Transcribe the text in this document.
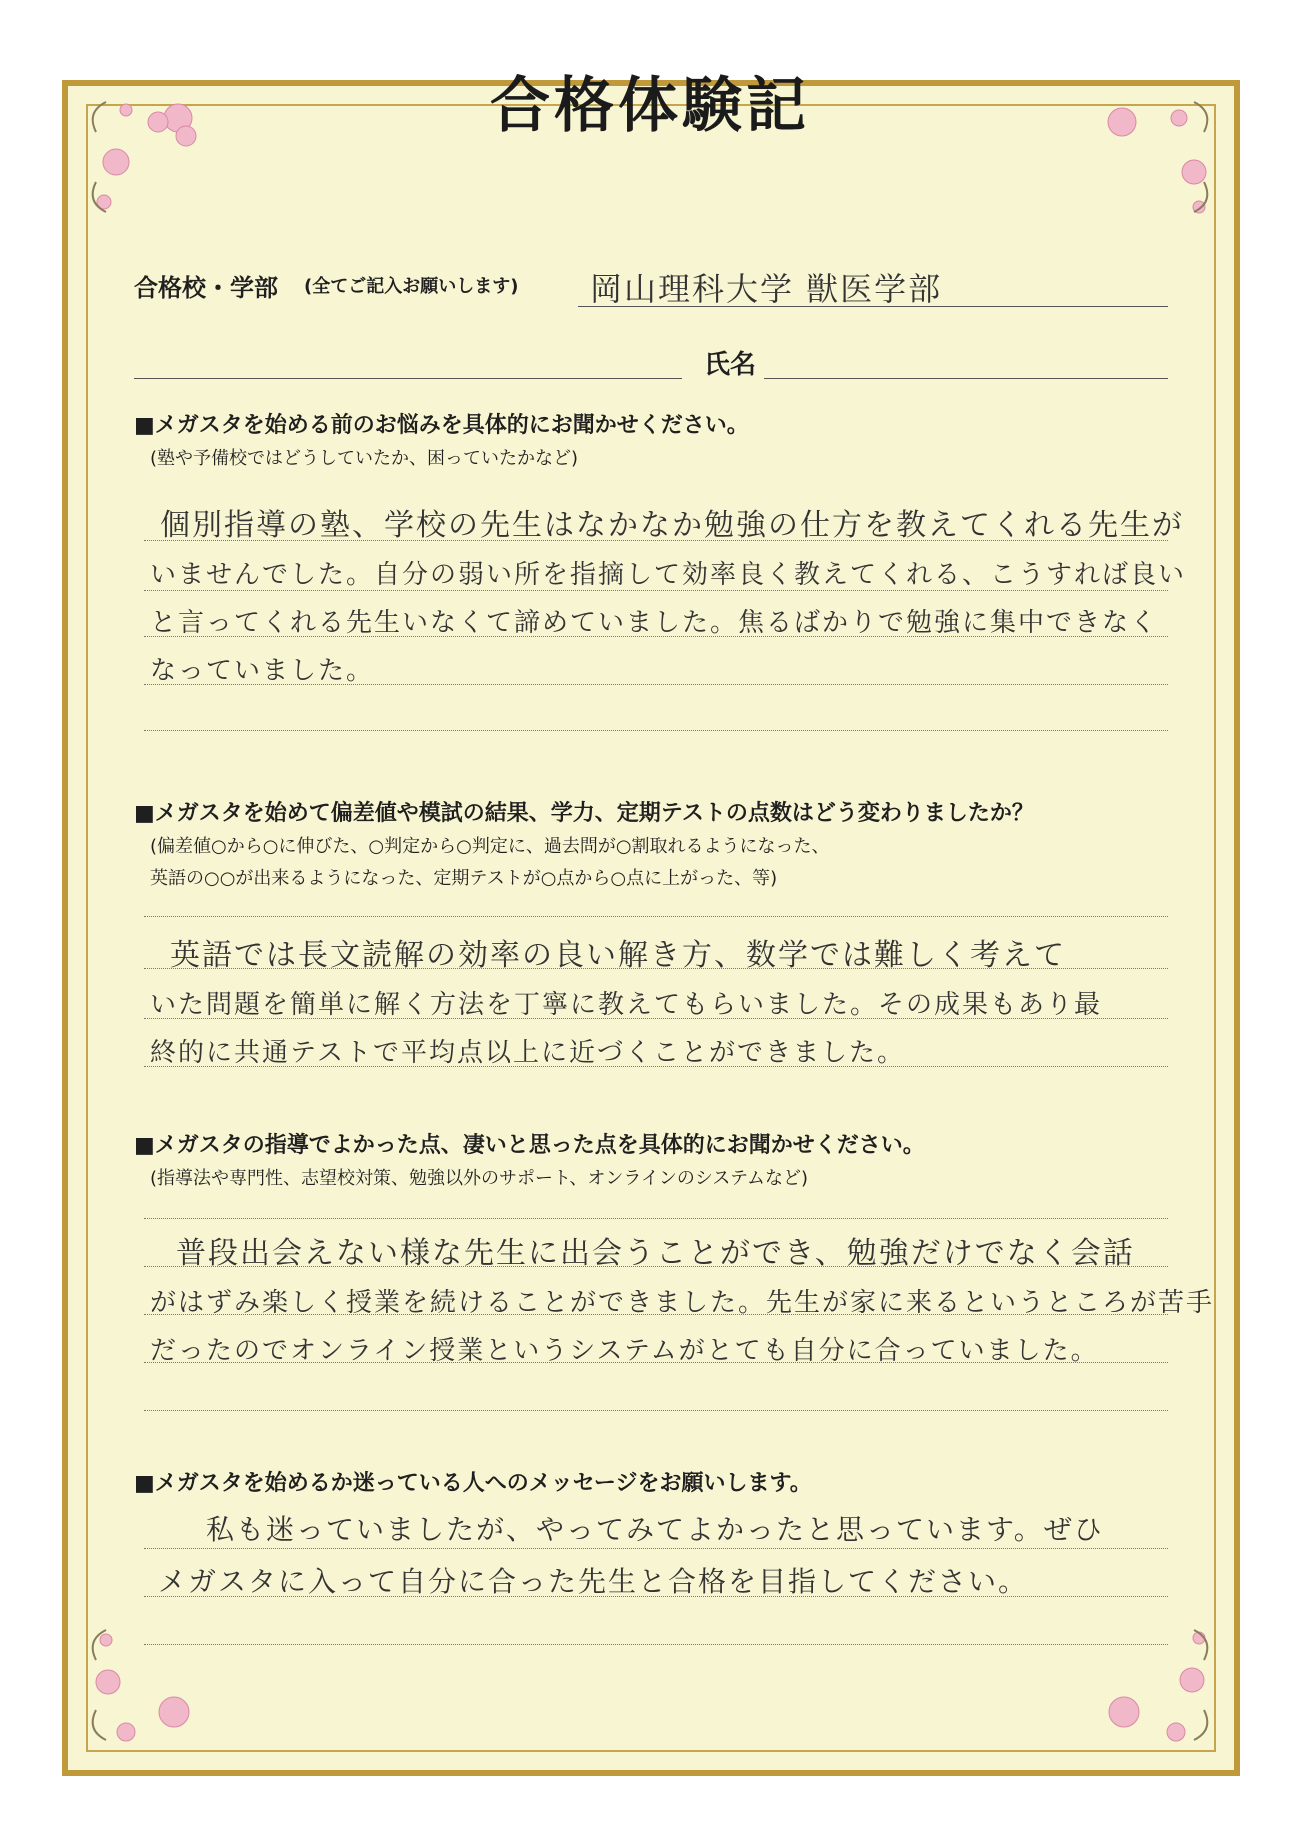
合格体験記
合格校・学部 (全てご記入お願いします) 岡山理科大学 獣医学部
氏名
■メガスタを始める前のお悩みを具体的にお聞かせください。
(塾や予備校ではどうしていたか、困っていたかなど)
個別指導の塾、学校の先生はなかなか勉強の仕方を教えてくれる先生が
いませんでした。自分の弱い所を指摘して効率良く教えてくれる、こうすれば良い
と言ってくれる先生いなくて諦めていました。焦るばかりで勉強に集中できなく
なっていました。
■メガスタを始めて偏差値や模試の結果、学力、定期テストの点数はどう変わりましたか？
(偏差値○から○に伸びた、○判定から○判定に、過去問が○割取れるようになった、
英語の○○が出来るようになった、定期テストが○点から○点に上がった、等)
英語では長文読解の効率の良い解き方、数学では難しく考えて
いた問題を簡単に解く方法を丁寧に教えてもらいました。その成果もあり最
終的に共通テストで平均点以上に近づくことができました。
■メガスタの指導でよかった点、凄いと思った点を具体的にお聞かせください。
(指導法や専門性、志望校対策、勉強以外のサポート、オンラインのシステムなど)
普段出会えない様な先生に出会うことができ、勉強だけでなく会話
がはずみ楽しく授業を続けることができました。先生が家に来るというところが苦手
だったのでオンライン授業というシステムがとても自分に合っていました。
■メガスタを始めるか迷っている人へのメッセージをお願いします。
私も迷っていましたが、やってみてよかったと思っています。ぜひ
メガスタに入って自分に合った先生と合格を目指してください。
